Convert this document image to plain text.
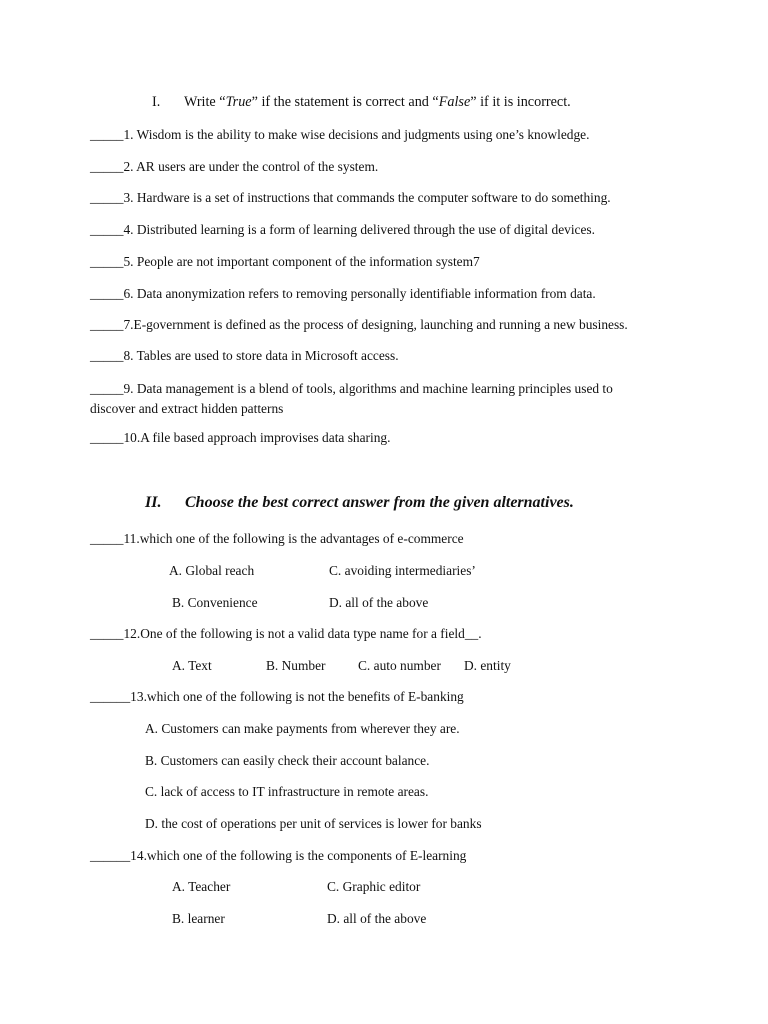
I. Write “True” if the statement is correct and “False” if it is incorrect.
_____1. Wisdom is the ability to make wise decisions and judgments using one’s knowledge.
_____2. AR users are under the control of the system.
_____3. Hardware is a set of instructions that commands the computer software to do something.
_____4. Distributed learning is a form of learning delivered through the use of digital devices.
_____5. People are not important component of the information system7
_____6. Data anonymization refers to removing personally identifiable information from data.
_____7.E-government is defined as the process of designing, launching and running a new business.
_____8. Tables are used to store data in Microsoft access.
_____9. Data management is a blend of tools, algorithms and machine learning principles used to discover and extract hidden patterns
_____10.A file based approach improvises data sharing.
II. Choose the best correct answer from the given alternatives.
_____11.which one of the following is the advantages of e-commerce
A. Global reach	C. avoiding intermediaries’
B. Convenience	D. all of the above
_____12.One of the following is not a valid data type name for a field__.
A. Text	B. Number C. auto number D. entity
______13.which one of the following is not the benefits of E-banking
A. Customers can make payments from wherever they are.
B. Customers can easily check their account balance.
C. lack of access to IT infrastructure in remote areas.
D. the cost of operations per unit of services is lower for banks
______14.which one of the following is the components of E-learning
A. Teacher	C. Graphic editor
B. learner	D. all of the above
